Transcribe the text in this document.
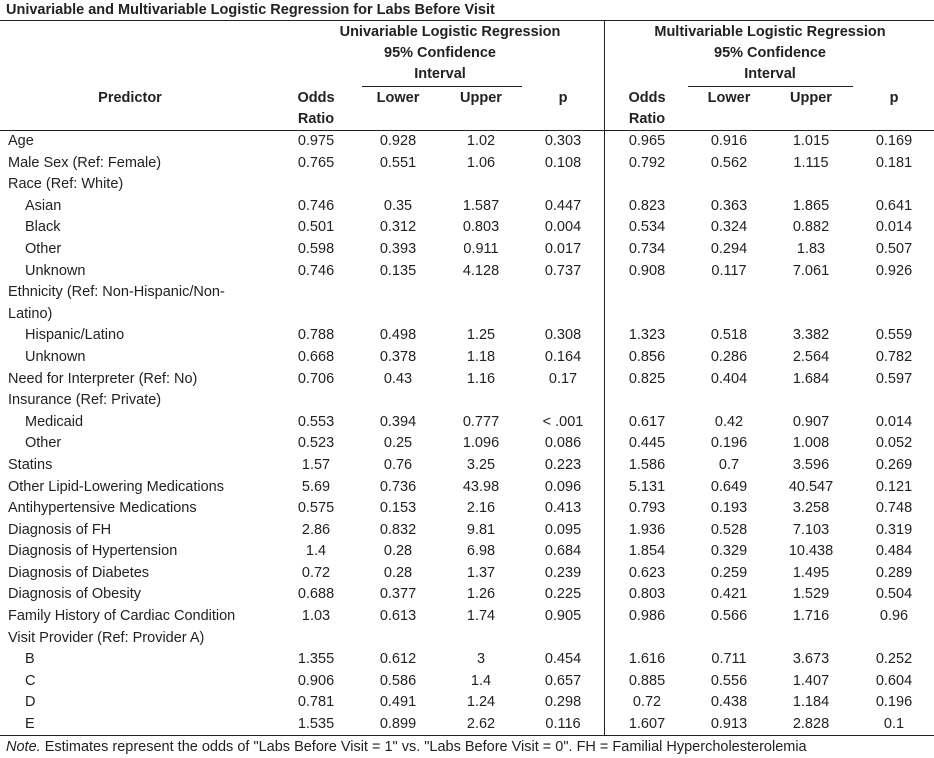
Univariable and Multivariable Logistic Regression for Labs Before Visit
Univariable Logistic Regression
95% Confidence
Interval
Multivariable Logistic Regression
95% Confidence
Interval
Predictor	Odds
Ratio
Lower	Upper	p	Odds
Ratio
Lower	Upper	p
Age	0.975	0.928	1.02	0.303	0.965	0.916	1.015	0.169
Male Sex (Ref: Female)	0.765	0.551	1.06	0.108	0.792	0.562	1.115	0.181
Race (Ref: White)
Asian	0.746	0.35	1.587	0.447	0.823	0.363	1.865	0.641
Black	0.501	0.312	0.803	0.004	0.534	0.324	0.882	0.014
Other	0.598	0.393	0.911	0.017	0.734	0.294	1.83	0.507
Unknown	0.746	0.135	4.128	0.737	0.908	0.117	7.061	0.926
Ethnicity (Ref: Non-Hispanic/Non-Latino)
Hispanic/Latino	0.788	0.498	1.25	0.308	1.323	0.518	3.382	0.559
Unknown	0.668	0.378	1.18	0.164	0.856	0.286	2.564	0.782
Need for Interpreter (Ref: No)	0.706	0.43	1.16	0.17	0.825	0.404	1.684	0.597
Insurance (Ref: Private)
Medicaid	0.553	0.394	0.777	< .001	0.617	0.42	0.907	0.014
Other	0.523	0.25	1.096	0.086	0.445	0.196	1.008	0.052
Statins	1.57	0.76	3.25	0.223	1.586	0.7	3.596	0.269
Other Lipid-Lowering Medications	5.69	0.736	43.98	0.096	5.131	0.649	40.547	0.121
Antihypertensive Medications	0.575	0.153	2.16	0.413	0.793	0.193	3.258	0.748
Diagnosis of FH	2.86	0.832	9.81	0.095	1.936	0.528	7.103	0.319
Diagnosis of Hypertension	1.4	0.28	6.98	0.684	1.854	0.329	10.438	0.484
Diagnosis of Diabetes	0.72	0.28	1.37	0.239	0.623	0.259	1.495	0.289
Diagnosis of Obesity	0.688	0.377	1.26	0.225	0.803	0.421	1.529	0.504
Family History of Cardiac Condition	1.03	0.613	1.74	0.905	0.986	0.566	1.716	0.96
Visit Provider (Ref: Provider A)
B	1.355	0.612	3	0.454	1.616	0.711	3.673	0.252
C	0.906	0.586	1.4	0.657	0.885	0.556	1.407	0.604
D	0.781	0.491	1.24	0.298	0.72	0.438	1.184	0.196
E	1.535	0.899	2.62	0.116	1.607	0.913	2.828	0.1
Note. Estimates represent the odds of "Labs Before Visit = 1" vs. "Labs Before Visit = 0". FH = Familial Hypercholesterolemia
